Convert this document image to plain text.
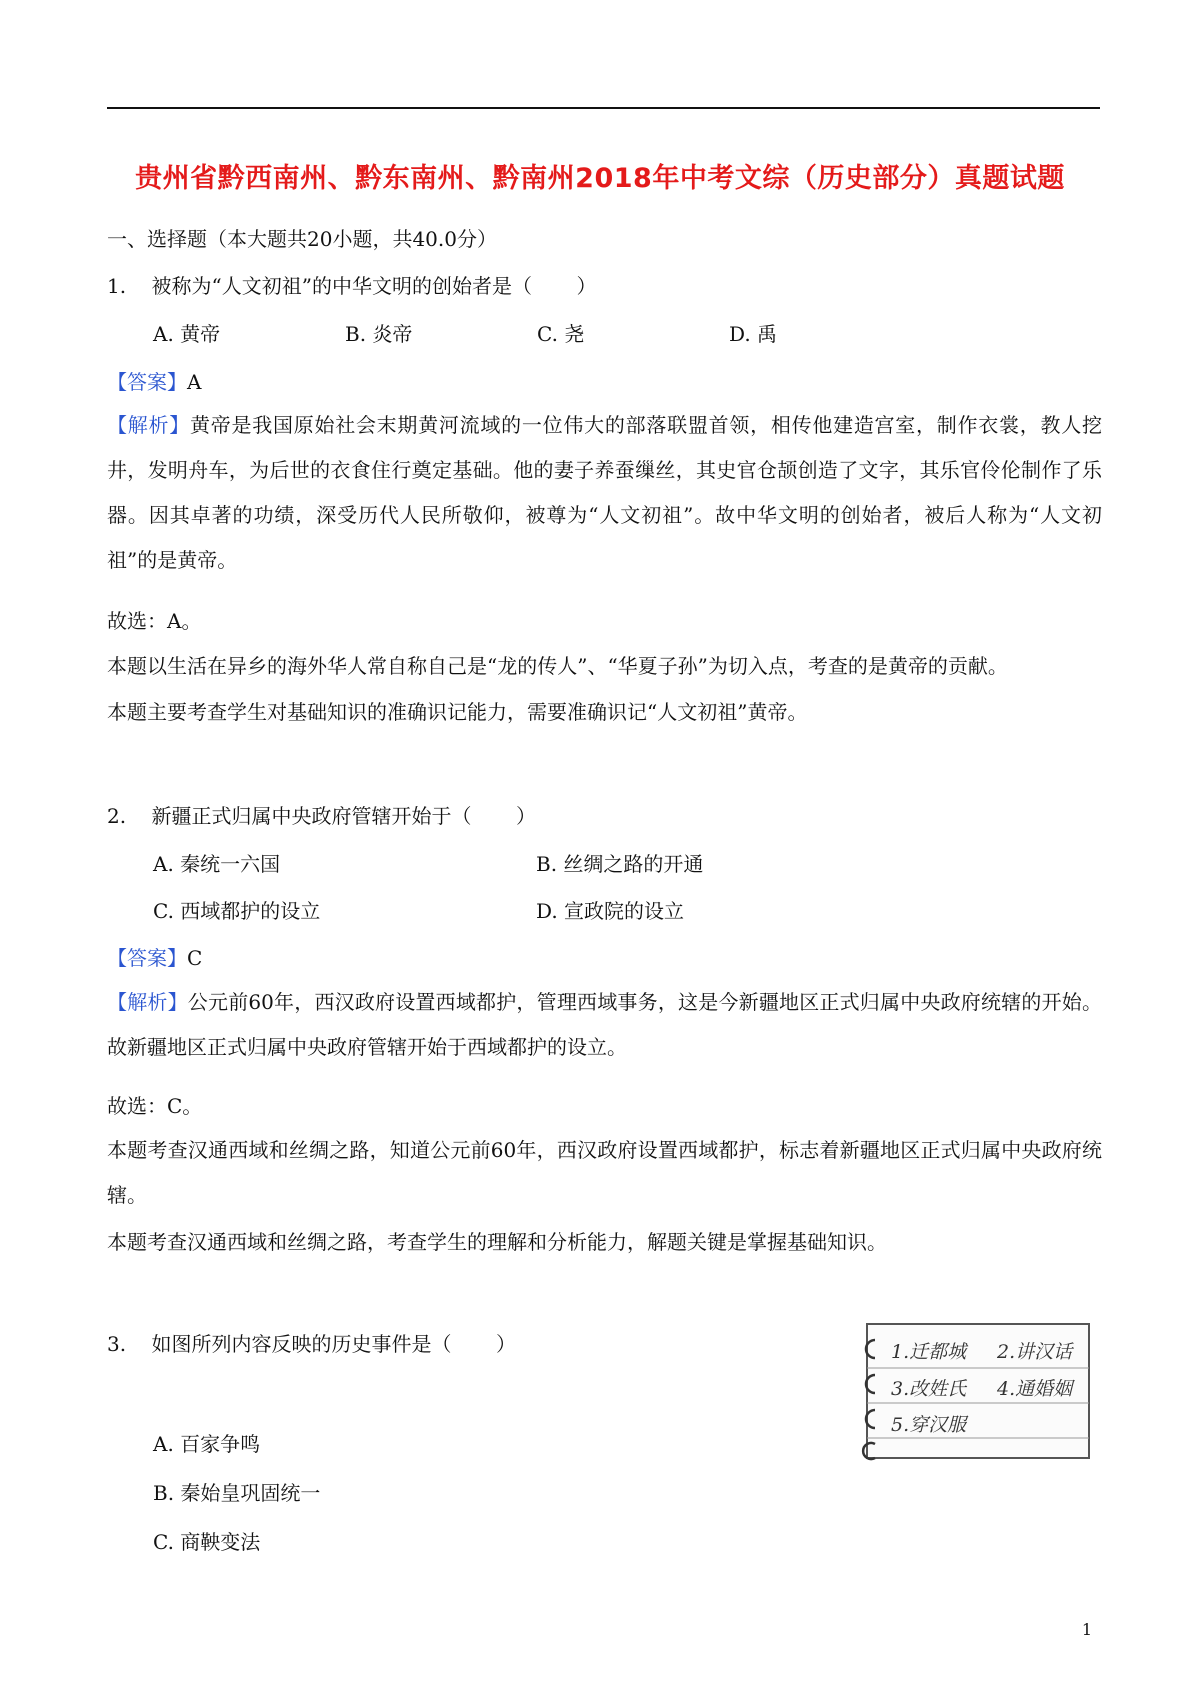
贵州省黔西南州、黔东南州、黔南州2018年中考文综（历史部分）真题试题
一、选择题（本大题共20小题，共40.0分）
1.    被称为“人文初祖”的中华文明的创始者是（       ）
A. 黄帝	B. 炎帝	C. 尧	D. 禹
【答案】A
【解析】黄帝是我国原始社会末期黄河流域的一位伟大的部落联盟首领，相传他建造宫室，制作衣裳，教人挖井，发明舟车，为后世的衣食住行奠定基础。他的妻子养蚕缫丝，其史官仓颉创造了文字，其乐官伶伦制作了乐器。因其卓著的功绩，深受历代人民所敬仰，被尊为“人文初祖”。故中华文明的创始者，被后人称为“人文初祖”的是黄帝。
故选：A。
本题以生活在异乡的海外华人常自称自己是“龙的传人”、“华夏子孙”为切入点，考查的是黄帝的贡献。
本题主要考查学生对基础知识的准确识记能力，需要准确识记“人文初祖”黄帝。
2.    新疆正式归属中央政府管辖开始于（       ）
A. 秦统一六国	B. 丝绸之路的开通
C. 西域都护的设立	D. 宣政院的设立
【答案】C
【解析】公元前60年，西汉政府设置西域都护，管理西域事务，这是今新疆地区正式归属中央政府统辖的开始。故新疆地区正式归属中央政府管辖开始于西域都护的设立。
故选：C。
本题考查汉通西域和丝绸之路，知道公元前60年，西汉政府设置西域都护，标志着新疆地区正式归属中央政府统辖。
本题考查汉通西域和丝绸之路，考查学生的理解和分析能力，解题关键是掌握基础知识。
3.    如图所列内容反映的历史事件是（       ）	1.迁都城 2.讲汉话
3.改姓氏 4.通婚姻
5.穿汉服
A. 百家争鸣
B. 秦始皇巩固统一
C. 商鞅变法
1
